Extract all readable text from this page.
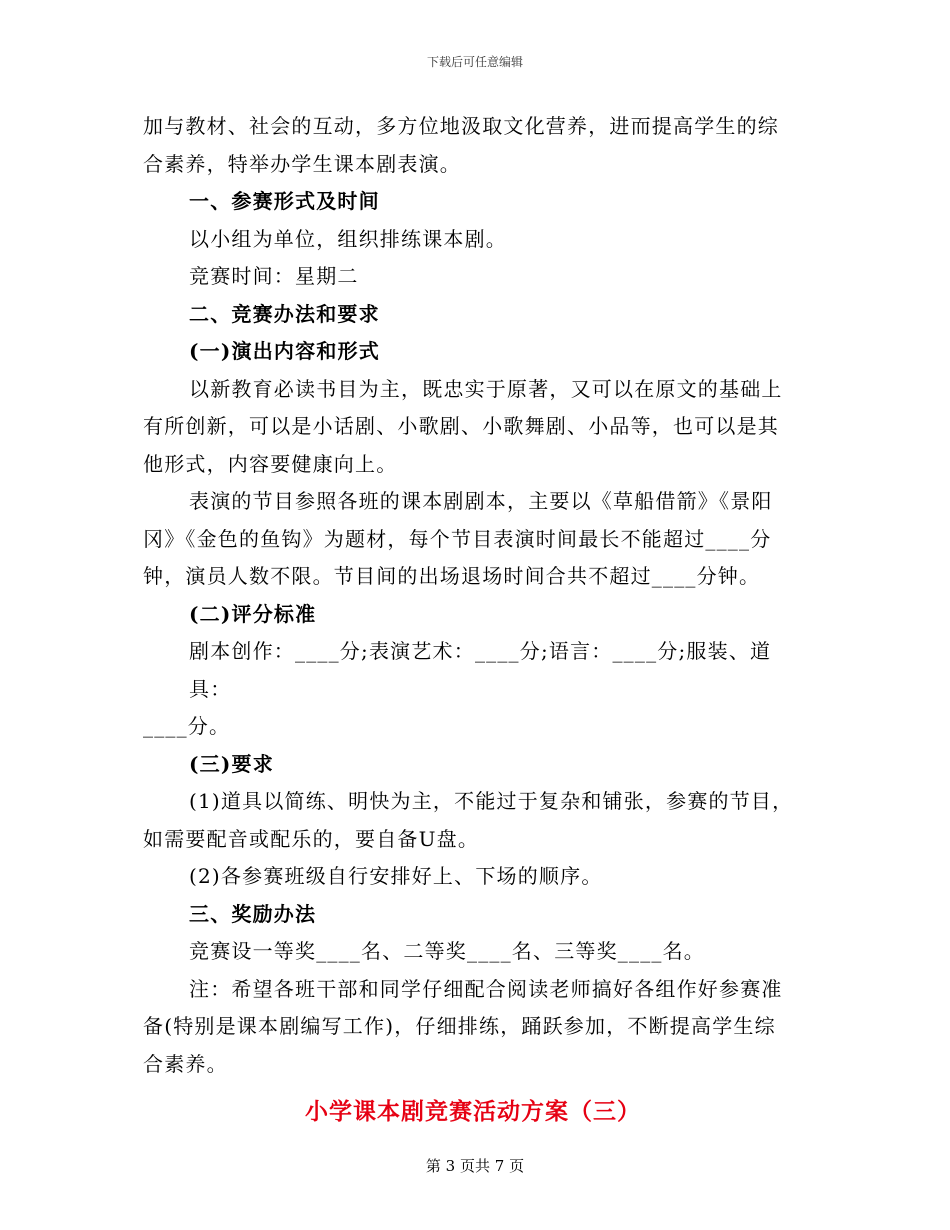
下载后可任意编辑

加与教材、社会的互动，多方位地汲取文化营养，进而提高学生的综

合素养，特举办学生课本剧表演。

一、参赛形式及时间

以小组为单位，组织排练课本剧。

竞赛时间：星期二

二、竞赛办法和要求

(一)演出内容和形式

以新教育必读书目为主，既忠实于原著，又可以在原文的基础上

有所创新，可以是小话剧、小歌剧、小歌舞剧、小品等，也可以是其

他形式，内容要健康向上。

表演的节目参照各班的课本剧剧本，主要以《草船借箭》《景阳

冈》《金色的鱼钩》为题材，每个节目表演时间最长不能超过____分

钟，演员人数不限。节目间的出场退场时间合共不超过____分钟。

(二)评分标准

剧本创作：____分;表演艺术：____分;语言：____分;服装、道具：

____分。

(三)要求

(1)道具以简练、明快为主，不能过于复杂和铺张，参赛的节目，

如需要配音或配乐的，要自备U盘。

(2)各参赛班级自行安排好上、下场的顺序。

三、奖励办法

竞赛设一等奖____名、二等奖____名、三等奖____名。

注：希望各班干部和同学仔细配合阅读老师搞好各组作好参赛准

备(特别是课本剧编写工作)，仔细排练，踊跃参加，不断提高学生综

合素养。

小学课本剧竞赛活动方案（三）
第 3 页共 7 页
